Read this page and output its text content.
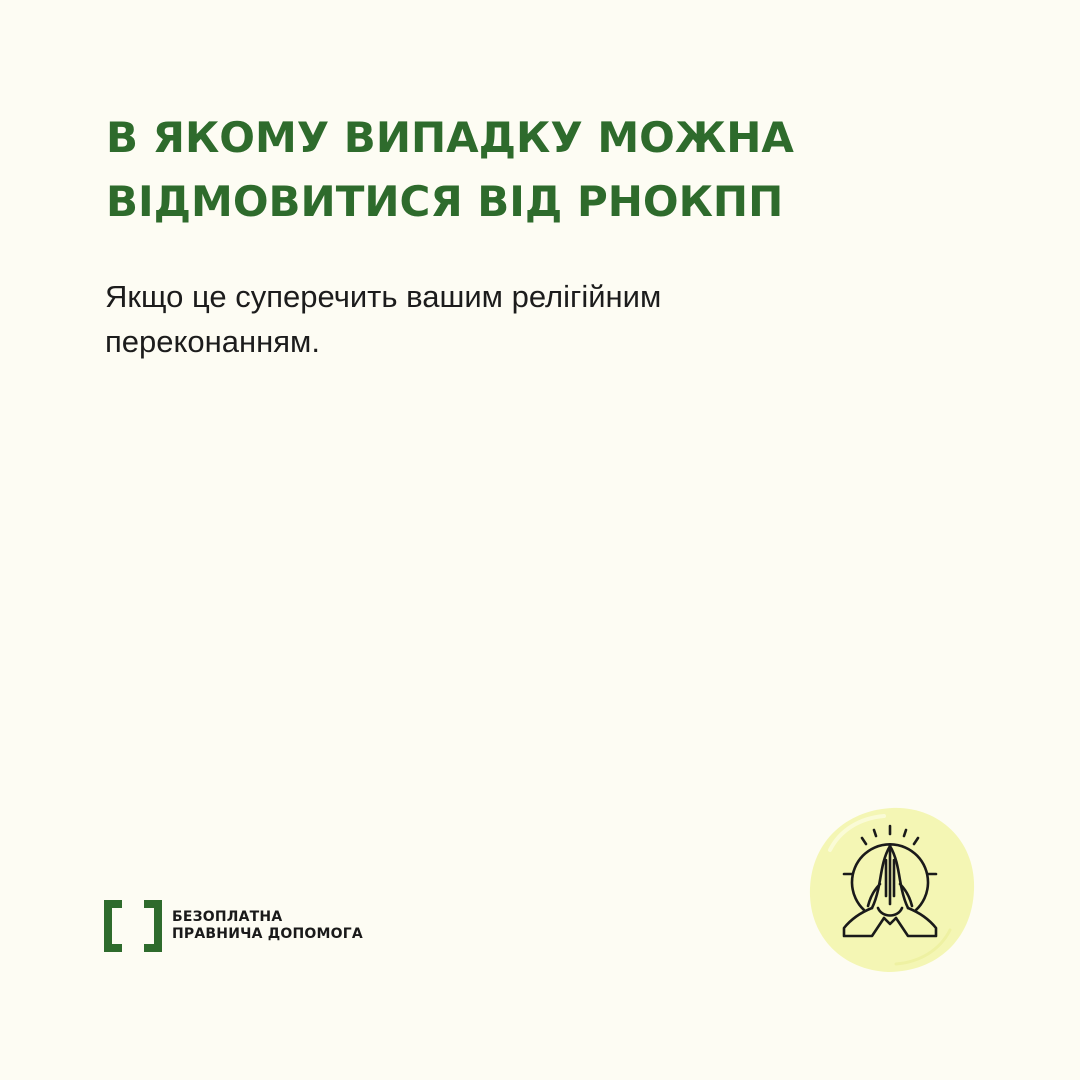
В ЯКОМУ ВИПАДКУ МОЖНА
ВІДМОВИТИСЯ ВІД РНОКПП

Якщо це суперечить вашим релігійним
переконанням.

БЕЗОПЛАТНА
ПРАВНИЧА ДОПОМОГА
